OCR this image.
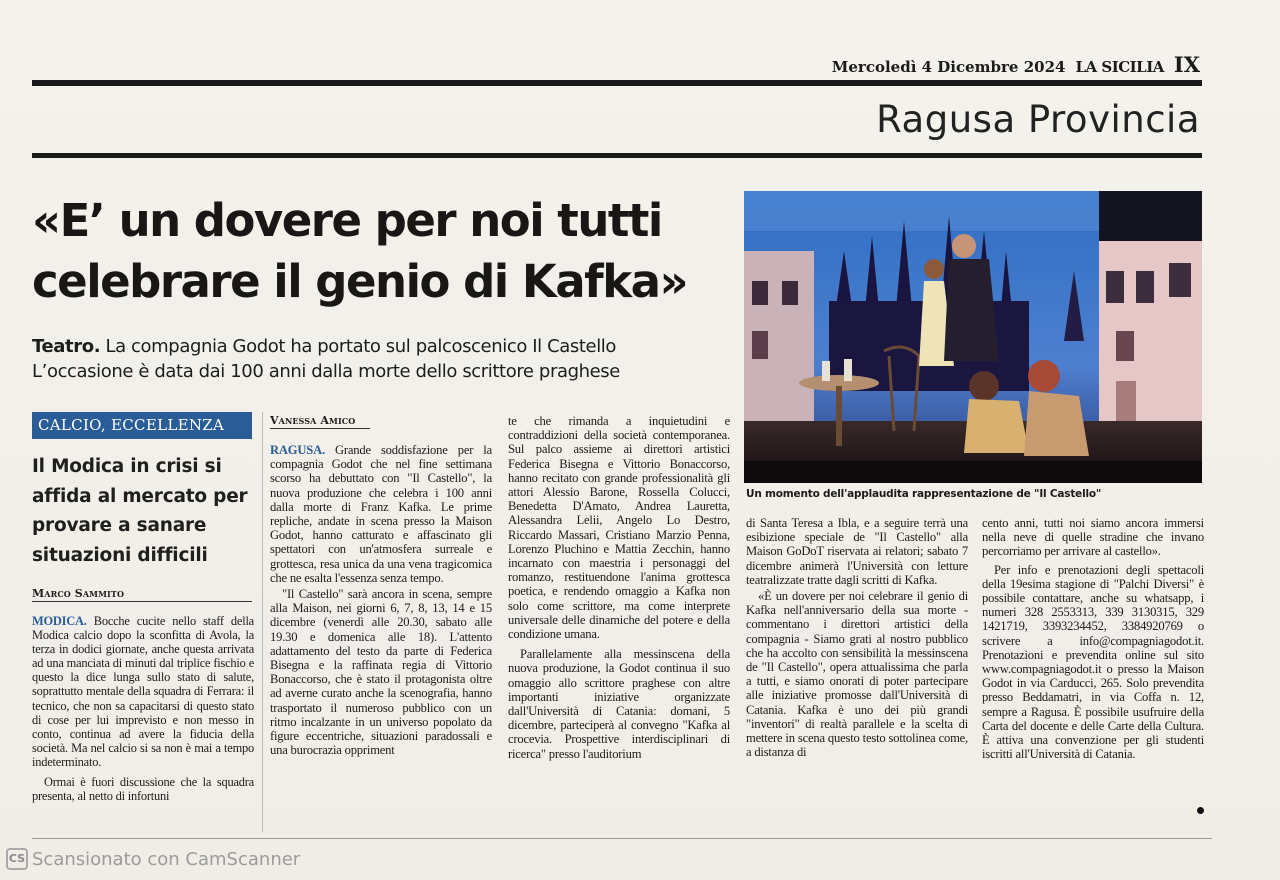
Mercoledì 4 Dicembre 2024 LA SICILIA IX
Ragusa Provincia
«E’ un dovere per noi tutti
celebrare il genio di Kafka»
Teatro. La compagnia Godot ha portato sul palcoscenico Il Castello
L’occasione è data dai 100 anni dalla morte dello scrittore praghese
Un momento dell'applaudita rappresentazione de "Il Castello"
CALCIO, ECCELLENZA
Il Modica in crisi si affida al mercato per provare a sanare situazioni difficili
Marco Sammito

MODICA. Bocche cucite nello staff della Modica calcio dopo la sconfitta di Avola, la terza in dodici giornate, anche questa arrivata ad una manciata di minuti dal triplice fischio e questo la dice lunga sullo stato di salute, soprattutto mentale della squadra di Ferrara: il tecnico, che non sa capacitarsi di questo stato di cose per lui imprevisto e non messo in conto, continua ad avere la fiducia della società. Ma nel calcio si sa non è mai a tempo indeterminato.

Ormai è fuori discussione che la squadra presenta, al netto di infortuni

Vanessa Amico

RAGUSA. Grande soddisfazione per la compagnia Godot che nel fine settimana scorso ha debuttato con "Il Castello", la nuova produzione che celebra i 100 anni dalla morte di Franz Kafka. Le prime repliche, andate in scena presso la Maison Godot, hanno catturato e affascinato gli spettatori con un'atmosfera surreale e grottesca, resa unica da una vena tragicomica che ne esalta l'essenza senza tempo.

"Il Castello" sarà ancora in scena, sempre alla Maison, nei giorni 6, 7, 8, 13, 14 e 15 dicembre (venerdì alle 20.30, sabato alle 19.30 e domenica alle 18). L'attento adattamento del testo da parte di Federica Bisegna e la raffinata regia di Vittorio Bonaccorso, che è stato il protagonista oltre ad averne curato anche la scenografia, hanno trasportato il numeroso pubblico con un ritmo incalzante in un universo popolato da figure eccentriche, situazioni paradossali e una burocrazia oppriment

te che rimanda a inquietudini e contraddizioni della società contemporanea. Sul palco assieme ai direttori artistici Federica Bisegna e Vittorio Bonaccorso, hanno recitato con grande professionalità gli attori Alessio Barone, Rossella Colucci, Benedetta D'Amato, Andrea Lauretta, Alessandra Lelii, Angelo Lo Destro, Riccardo Massari, Cristiano Marzio Penna, Lorenzo Pluchino e Mattia Zecchin, hanno incarnato con maestria i personaggi del romanzo, restituendone l'anima grottesca poetica, e rendendo omaggio a Kafka non solo come scrittore, ma come interprete universale delle dinamiche del potere e della condizione umana.

Parallelamente alla messinscena della nuova produzione, la Godot continua il suo omaggio allo scrittore praghese con altre importanti iniziative organizzate dall'Università di Catania: domani, 5 dicembre, parteciperà al convegno "Kafka al crocevia. Prospettive interdisciplinari di ricerca" presso l'auditorium

di Santa Teresa a Ibla, e a seguire terrà una esibizione speciale de "Il Castello" alla Maison GoDoT riservata ai relatori; sabato 7 dicembre animerà l'Università con letture teatralizzate tratte dagli scritti di Kafka.

«È un dovere per noi celebrare il genio di Kafka nell'anniversario della sua morte - commentano i direttori artistici della compagnia - Siamo grati al nostro pubblico che ha accolto con sensibilità la messinscena de "Il Castello", opera attualissima che parla a tutti, e siamo onorati di poter partecipare alle iniziative promosse dall'Università di Catania. Kafka è uno dei più grandi "inventori" di realtà parallele e la scelta di mettere in scena questo testo sottolinea come, a distanza di

cento anni, tutti noi siamo ancora immersi nella neve di quelle stradine che invano percorriamo per arrivare al castello».

Per info e prenotazioni degli spettacoli della 19esima stagione di "Palchi Diversi" è possibile contattare, anche su whatsapp, i numeri 328 2553313, 339 3130315, 329 1421719, 3393234452, 3384920769 o scrivere a info@compagniagodot.it. Prenotazioni e prevendita online sul sito www.compagniagodot.it o presso la Maison Godot in via Carducci, 265. Solo prevendita presso Beddamatri, in via Coffa n. 12, sempre a Ragusa. È possibile usufruire della Carta del docente e delle Carte della Cultura. È attiva una convenzione per gli studenti iscritti all'Università di Catania.

CS Scansionato con CamScanner
